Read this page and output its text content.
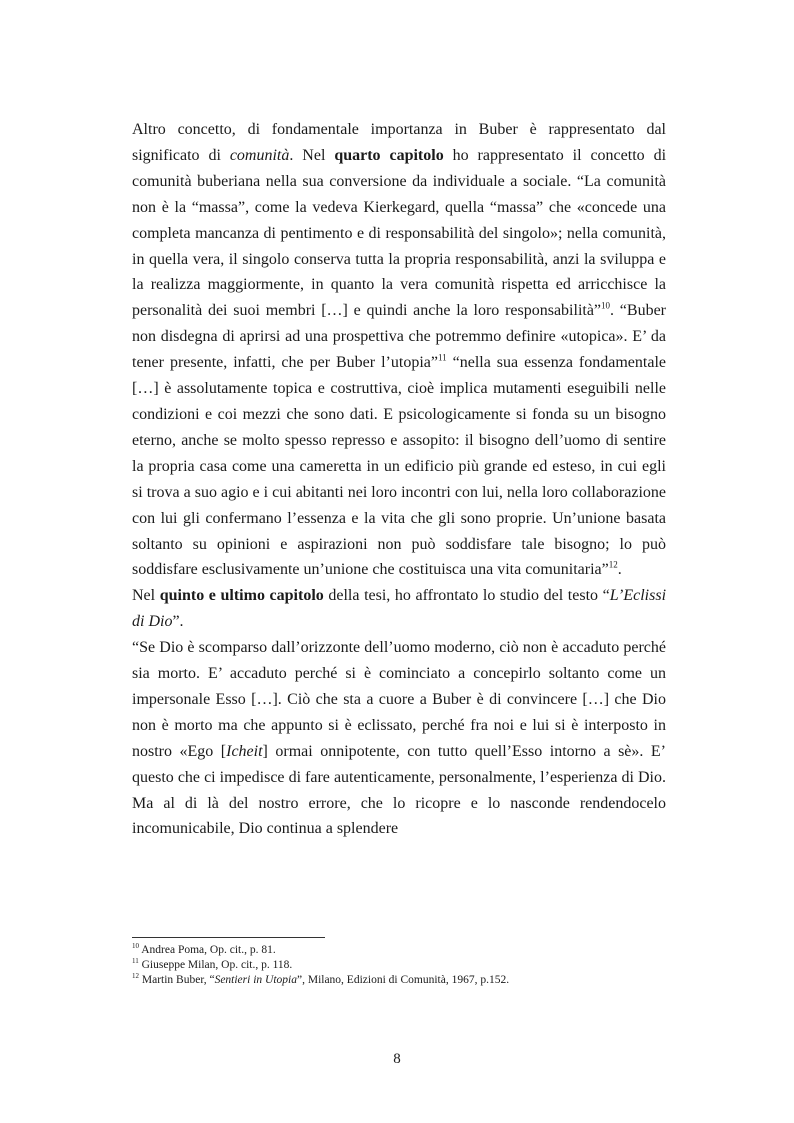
Altro concetto, di fondamentale importanza in Buber è rappresentato dal significato di comunità. Nel quarto capitolo ho rappresentato il concetto di comunità buberiana nella sua conversione da individuale a sociale. “La comunità non è la “massa”, come la vedeva Kierkegard, quella “massa” che «concede una completa mancanza di pentimento e di responsabilità del singolo»; nella comunità, in quella vera, il singolo conserva tutta la propria responsabilità, anzi la sviluppa e la realizza maggiormente, in quanto la vera comunità rispetta ed arricchisce la personalità dei suoi membri […] e quindi anche la loro responsabilità”$^{10}$. “Buber non disdegna di aprirsi ad una prospettiva che potremmo definire «utopica». E’ da tener presente, infatti, che per Buber l’utopia”$^{11}$ “nella sua essenza fondamentale […] è assolutamente topica e costruttiva, cioè implica mutamenti eseguibili nelle condizioni e coi mezzi che sono dati. E psicologicamente si fonda su un bisogno eterno, anche se molto spesso represso e assopito: il bisogno dell’uomo di sentire la propria casa come una cameretta in un edificio più grande ed esteso, in cui egli si trova a suo agio e i cui abitanti nei loro incontri con lui, nella loro collaborazione con lui gli confermano l’essenza e la vita che gli sono proprie. Un’unione basata soltanto su opinioni e aspirazioni non può soddisfare tale bisogno; lo può soddisfare esclusivamente un’unione che costituisca una vita comunitaria”$^{12}$.

Nel quinto e ultimo capitolo della tesi, ho affrontato lo studio del testo “L’Eclissi di Dio”.

“Se Dio è scomparso dall’orizzonte dell’uomo moderno, ciò non è accaduto perché sia morto. E’ accaduto perché si è cominciato a concepirlo soltanto come un impersonale Esso […]. Ciò che sta a cuore a Buber è di convincere […] che Dio non è morto ma che appunto si è eclissato, perché fra noi e lui si è interposto in nostro «Ego [Icheit] ormai onnipotente, con tutto quell’Esso intorno a sè». E’ questo che ci impedisce di fare autenticamente, personalmente, l’esperienza di Dio. Ma al di là del nostro errore, che lo ricopre e lo nasconde rendendocelo incomunicabile, Dio continua a splendere

$^{10}$ Andrea Poma, Op. cit., p. 81.

$^{11}$ Giuseppe Milan, Op. cit., p. 118.

$^{12}$ Martin Buber, “Sentieri in Utopia”, Milano, Edizioni di Comunità, 1967, p.152.

8
